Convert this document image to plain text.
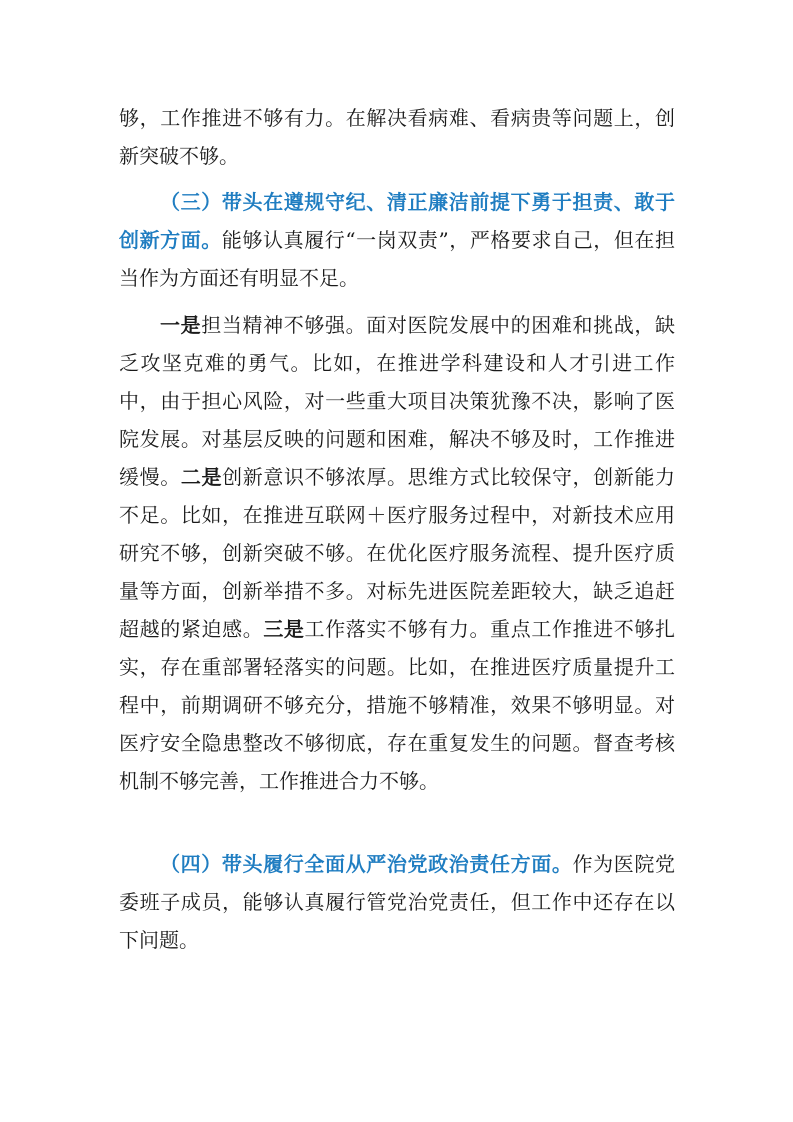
够，工作推进不够有力。在解决看病难、看病贵等问题上，创新突破不够。

（三）带头在遵规守纪、清正廉洁前提下勇于担责、敢于创新方面。能够认真履行“一岗双责”，严格要求自己，但在担当作为方面还有明显不足。

一是担当精神不够强。面对医院发展中的困难和挑战，缺乏攻坚克难的勇气。比如，在推进学科建设和人才引进工作中，由于担心风险，对一些重大项目决策犹豫不决，影响了医院发展。对基层反映的问题和困难，解决不够及时，工作推进缓慢。二是创新意识不够浓厚。思维方式比较保守，创新能力不足。比如，在推进互联网＋医疗服务过程中，对新技术应用研究不够，创新突破不够。在优化医疗服务流程、提升医疗质量等方面，创新举措不多。对标先进医院差距较大，缺乏追赶超越的紧迫感。三是工作落实不够有力。重点工作推进不够扎实，存在重部署轻落实的问题。比如，在推进医疗质量提升工程中，前期调研不够充分，措施不够精准，效果不够明显。对医疗安全隐患整改不够彻底，存在重复发生的问题。督查考核机制不够完善，工作推进合力不够。

（四）带头履行全面从严治党政治责任方面。作为医院党委班子成员，能够认真履行管党治党责任，但工作中还存在以下问题。
